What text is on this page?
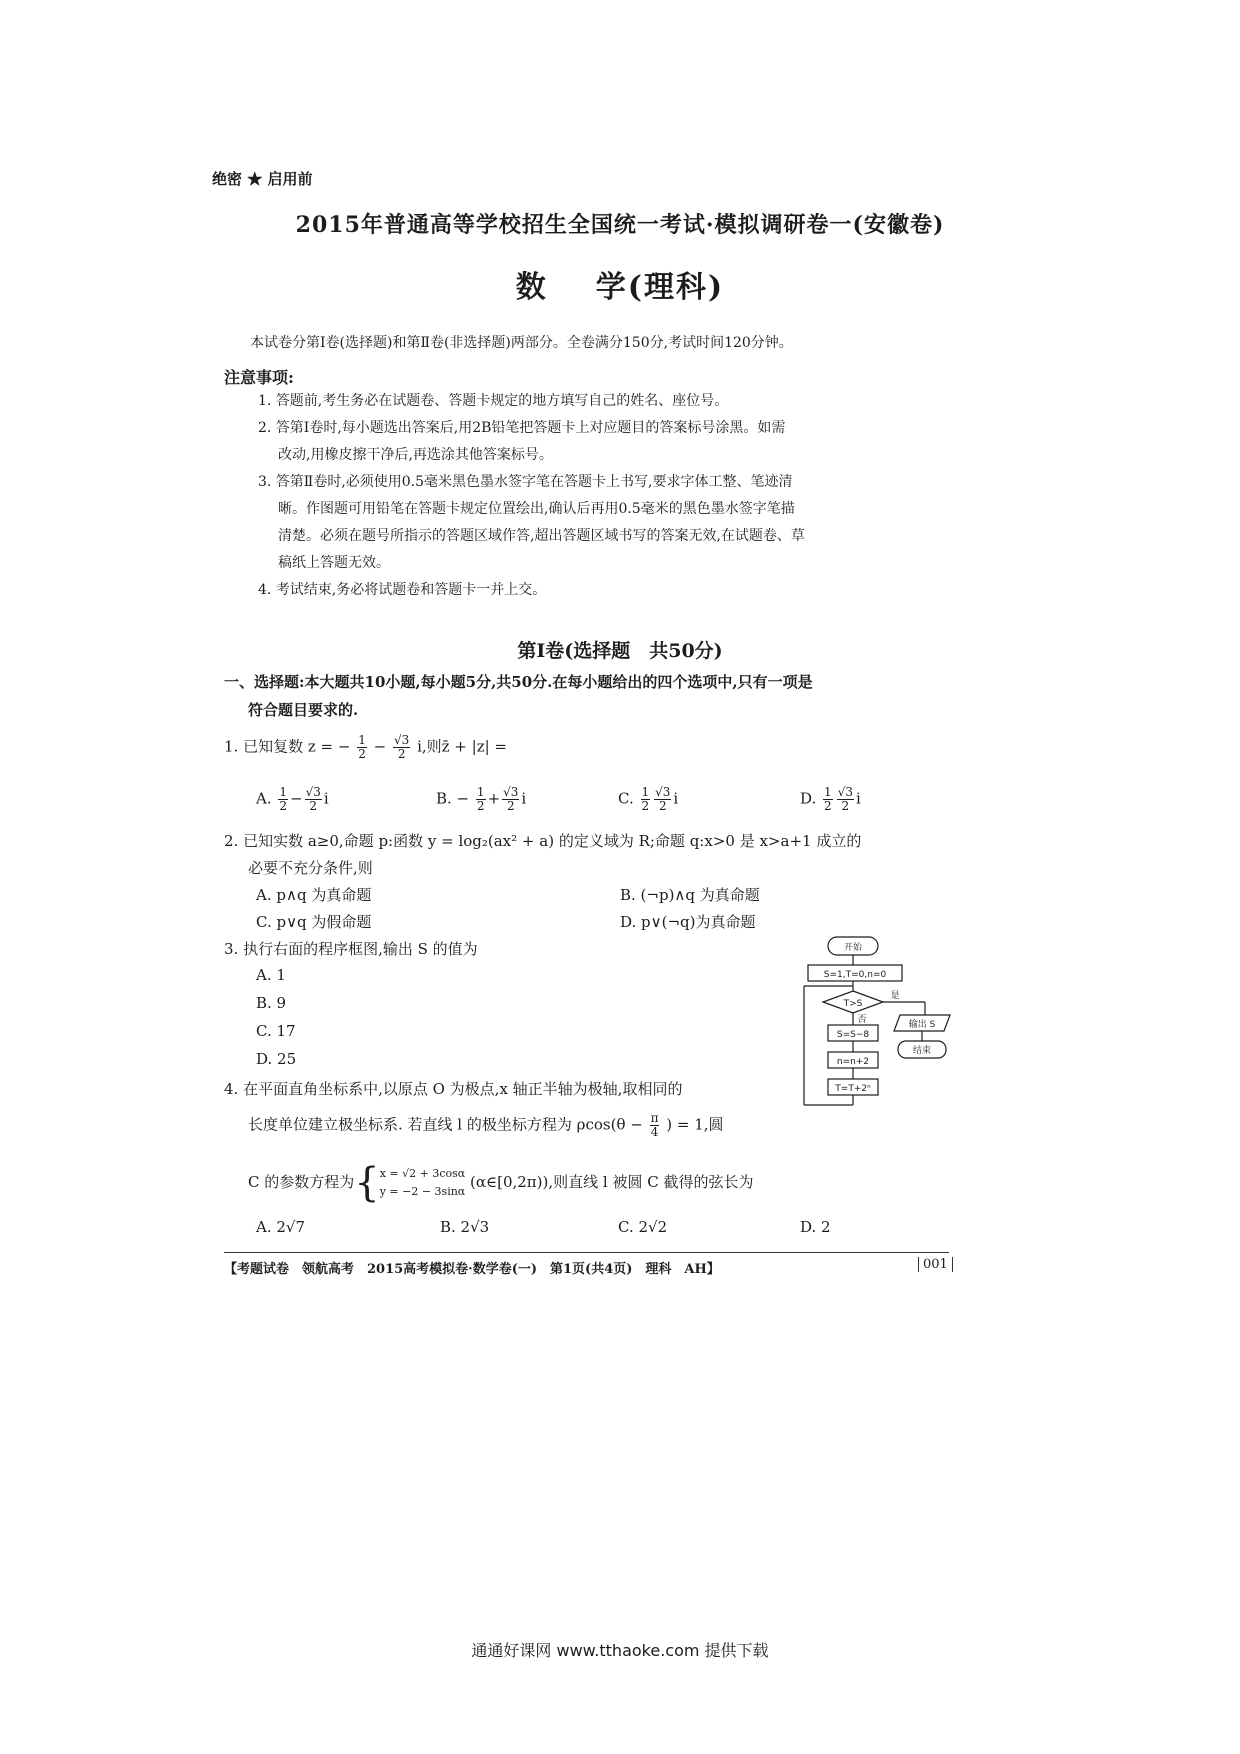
绝密 ★ 启用前
2015年普通高等学校招生全国统一考试·模拟调研卷一(安徽卷)
数 学(理科)
本试卷分第Ⅰ卷(选择题)和第Ⅱ卷(非选择题)两部分。全卷满分150分,考试时间120分钟。
注意事项:
1. 答题前,考生务必在试题卷、答题卡规定的地方填写自己的姓名、座位号。
2. 答第Ⅰ卷时,每小题选出答案后,用2B铅笔把答题卡上对应题目的答案标号涂黑。如需
改动,用橡皮擦干净后,再选涂其他答案标号。
3. 答第Ⅱ卷时,必须使用0.5毫米黑色墨水签字笔在答题卡上书写,要求字体工整、笔迹清
晰。作图题可用铅笔在答题卡规定位置绘出,确认后再用0.5毫米的黑色墨水签字笔描
清楚。必须在题号所指示的答题区域作答,超出答题区域书写的答案无效,在试题卷、草
稿纸上答题无效。
4. 考试结束,务必将试题卷和答题卡一并上交。
第Ⅰ卷(选择题　共50分)
一、选择题:本大题共10小题,每小题5分,共50分.在每小题给出的四个选项中,只有一项是
符合题目要求的.
1. 已知复数 z = − $\frac{1}{2} - \frac{√3}{2} i$,则z̄ + |z| =
A. $\frac{1}{2} - \frac{√3}{2}$ i	B. − $\frac{1}{2} + \frac{√3}{2}$ i	C. $\frac{1}{2} \frac{√3}{2}$ i	D. $\frac{1}{2} \frac{√3}{2}$ i
2. 已知实数 a≥0,命题 p:函数 y = log₂(ax² + a) 的定义域为 R;命题 q:x>0 是 x>a+1 成立的
必要不充分条件,则
A. p∧q 为真命题	B. (¬p)∧q 为真命题
C. p∨q 为假命题	D. p∨(¬q)为真命题
3. 执行右面的程序框图,输出 S 的值为
A. 1
B. 9
C. 17
D. 25
开始
S=1,T=0,n=0
T>S
是
否	输出 S
结束
S=S−8
n=n+2
T=T+2ⁿ
4. 在平面直角坐标系中,以原点 O 为极点,x 轴正半轴为极轴,取相同的
长度单位建立极坐标系. 若直线 l 的极坐标方程为 $\rho\cos(\theta - \frac{\pi}{4}$ ) = 1,圆
C 的参数方程为{ x = √2 + 3cosα
y = −2 − 3sinα
(α∈[0,2π)),则直线 l 被圆 C 截得的弦长为
A. 2√7	B. 2√3	C. 2√2	D. 2
【考题试卷　领航高考　2015高考模拟卷·数学卷(一)　第1页(共4页)　理科　AH】	001
通通好课网 www.tthaoke.com 提供下载
